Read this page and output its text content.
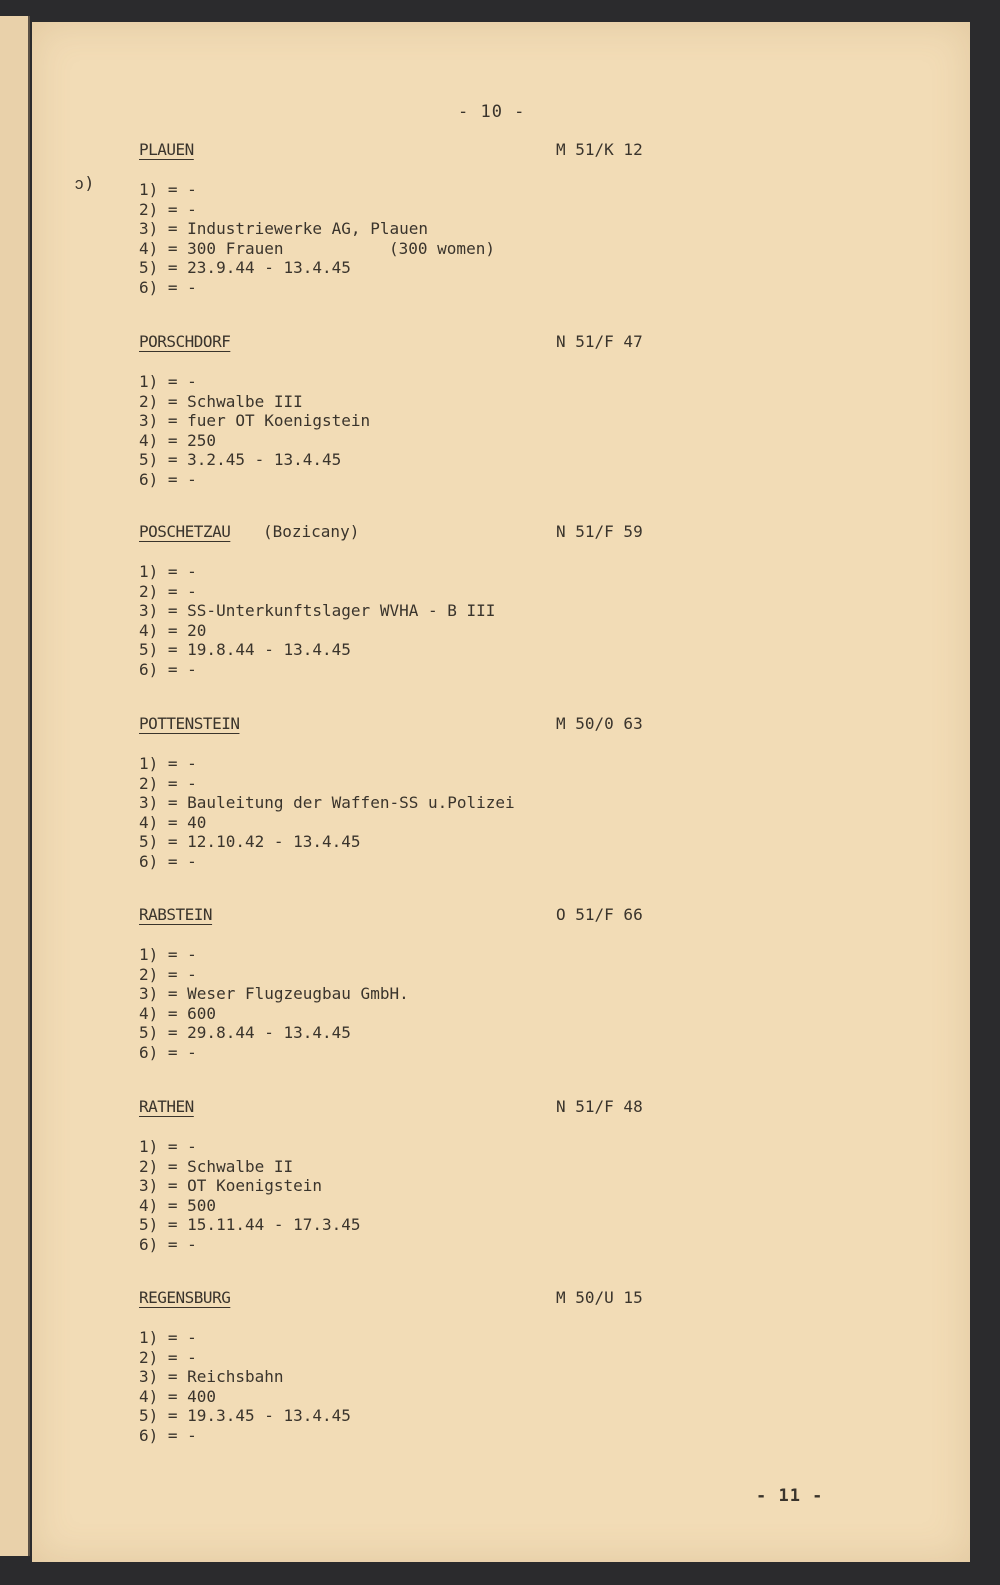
- 10 -
ↄ)
PLAUEN	M 51/K 12
1) = -
2) = -
3) = Industriewerke AG, Plauen
4) = 300 Frauen	(300 women)
5) = 23.9.44 - 13.4.45
6) = -
PORSCHDORF	N 51/F 47
1) = -
2) = Schwalbe III
3) = fuer OT Koenigstein
4) = 250
5) = 3.2.45 - 13.4.45
6) = -
POSCHETZAU (Bozicany)	N 51/F 59
1) = -
2) = -
3) = SS-Unterkunftslager WVHA - B III
4) = 20
5) = 19.8.44 - 13.4.45
6) = -
POTTENSTEIN	M 50/0 63
1) = -
2) = -
3) = Bauleitung der Waffen-SS u.Polizei
4) = 40
5) = 12.10.42 - 13.4.45
6) = -
RABSTEIN	O 51/F 66
1) = -
2) = -
3) = Weser Flugzeugbau GmbH.
4) = 600
5) = 29.8.44 - 13.4.45
6) = -
RATHEN	N 51/F 48
1) = -
2) = Schwalbe II
3) = OT Koenigstein
4) = 500
5) = 15.11.44 - 17.3.45
6) = -
REGENSBURG	M 50/U 15
1) = -
2) = -
3) = Reichsbahn
4) = 400
5) = 19.3.45 - 13.4.45
6) = -
- 11 -
